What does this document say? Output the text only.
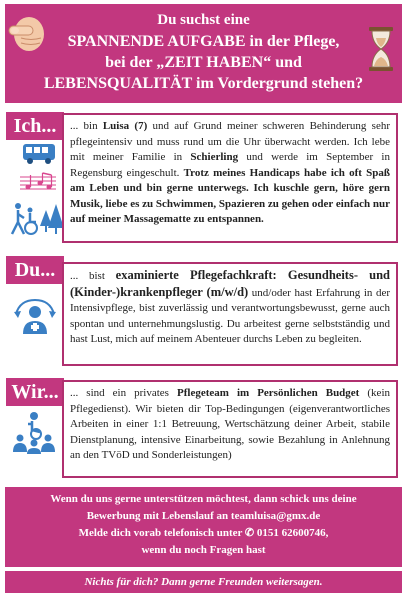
Du suchst eine
SPANNENDE AUFGABE in der Pflege,
bei der „ZEIT HABEN“ und
LEBENSQUALITÄT im Vordergrund stehen?
Ich...	... bin Luisa (7) und auf Grund meiner schweren Behinderung sehr pflegeintensiv und muss rund um die Uhr überwacht werden. Ich lebe mit meiner Familie in Schierling und werde im September in Regensburg eingeschult. Trotz meines Handicaps habe ich oft Spaß am Leben und bin gerne unterwegs. Ich kuschle gern, höre gern Musik, liebe es zu Schwimmen, Spazieren zu gehen oder einfach nur auf meiner Massagematte zu entspannen.
Du...	... bist examinierte Pflegefachkraft: Gesundheits- und (Kinder-)krankenpfleger (m/w/d) und/oder hast Erfahrung in der Intensivpflege, bist zuverlässig und verantwortungsbewusst, gerne auch spontan und unternehmungslustig. Du arbeitest gerne selbstständig und hast Lust, mich auf meinem Abenteuer durchs Leben zu begleiten.
Wir...	... sind ein privates Pflegeteam im Persönlichen Budget (kein Pflegedienst). Wir bieten dir Top-Bedingungen (eigenverantwortliches Arbeiten in einer 1:1 Betreuung, Wertschätzung deiner Arbeit, stabile Dienstplanung, intensive Einarbeitung, sowie Bezahlung in Anlehnung an den TVöD und Sonderleistungen)
Wenn du uns gerne unterstützen möchtest, dann schick uns deine
Bewerbung mit Lebenslauf an teamluisa@gmx.de
Melde dich vorab telefonisch unter ✆ 0151 62600746,
wenn du noch Fragen hast
Nichts für dich? Dann gerne Freunden weitersagen.
